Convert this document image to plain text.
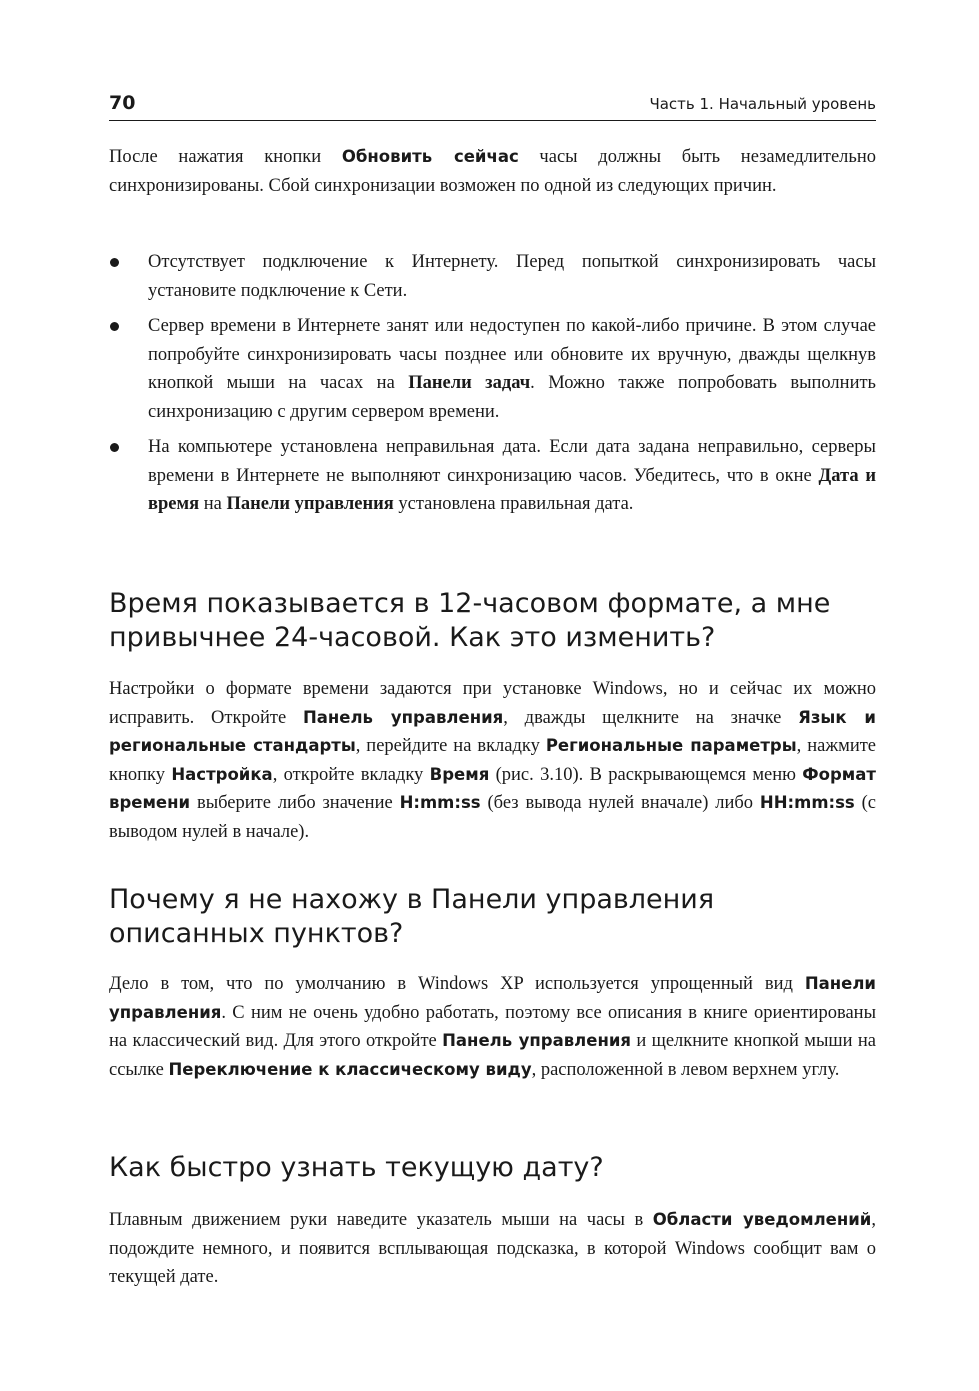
70	Часть 1. Начальный уровень

После нажатия кнопки Обновить сейчас часы должны быть незамедлительно синхронизированы. Сбой синхронизации возможен по одной из следующих причин.

Отсутствует подключение к Интернету. Перед попыткой синхронизировать часы установите подключение к Сети.
Сервер времени в Интернете занят или недоступен по какой-либо причине. В этом случае попробуйте синхронизировать часы позднее или обновите их вручную, дважды щелкнув кнопкой мыши на часах на Панели задач. Можно также попробовать выполнить синхронизацию с другим сервером времени.
На компьютере установлена неправильная дата. Если дата задана неправильно, серверы времени в Интернете не выполняют синхронизацию часов. Убедитесь, что в окне Дата и время на Панели управления установлена правильная дата.
Время показывается в 12-часовом формате, а мне привычнее 24-часовой. Как это изменить?

Настройки о формате времени задаются при установке Windows, но и сейчас их можно исправить. Откройте Панель управления, дважды щелкните на значке Язык и региональные стандарты, перейдите на вкладку Региональные параметры, нажмите кнопку Настройка, откройте вкладку Время (рис. 3.10). В раскрывающемся меню Формат времени выберите либо значение H:mm:ss (без вывода нулей вначале) либо HH:mm:ss (с выводом нулей в начале).

Почему я не нахожу в Панели управления описанных пунктов?

Дело в том, что по умолчанию в Windows XP используется упрощенный вид Панели управления. С ним не очень удобно работать, поэтому все описания в книге ориентированы на классический вид. Для этого откройте Панель управления и щелкните кнопкой мыши на ссылке Переключение к классическому виду, расположенной в левом верхнем углу.

Как быстро узнать текущую дату?

Плавным движением руки наведите указатель мыши на часы в Области уведомлений, подождите немного, и появится всплывающая подсказка, в которой Windows сообщит вам о текущей дате.
